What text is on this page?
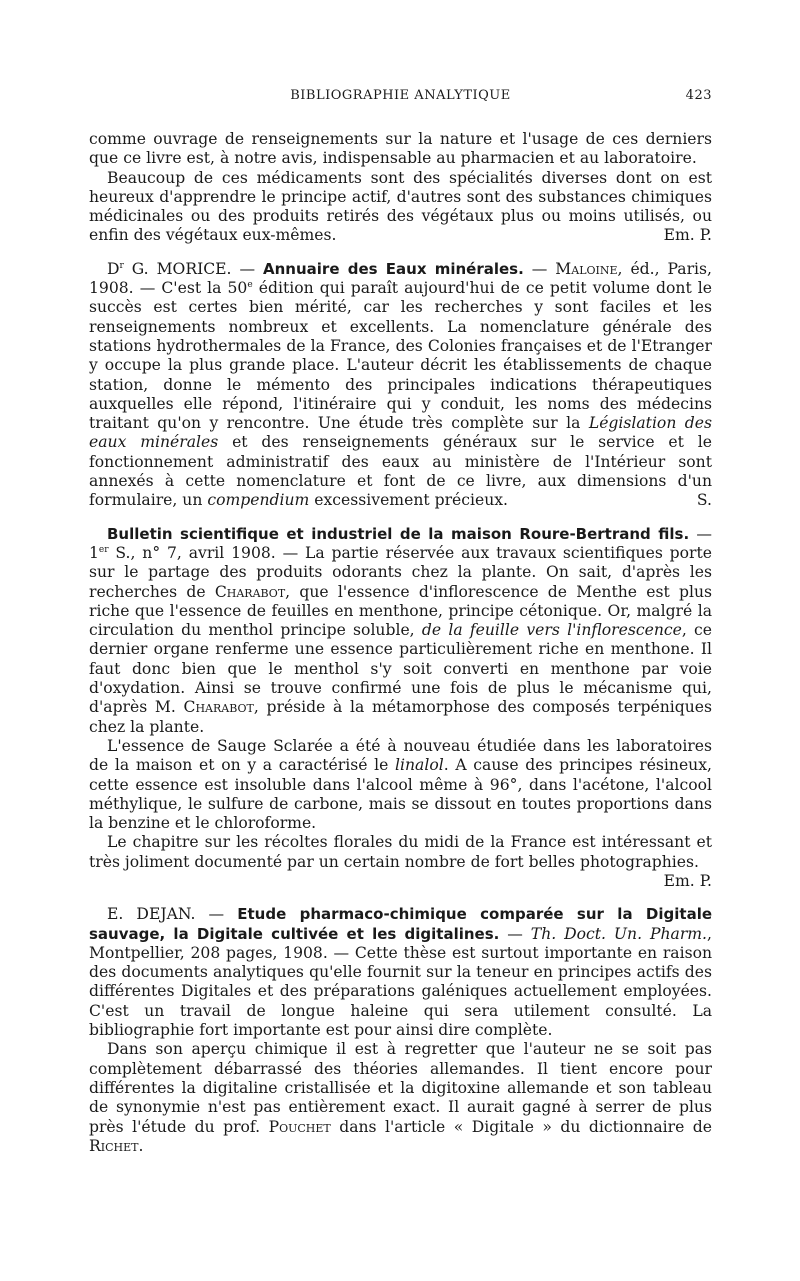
BIBLIOGRAPHIE ANALYTIQUE	423

comme ouvrage de renseignements sur la nature et l'usage de ces derniers que ce livre est, à notre avis, indispensable au pharmacien et au laboratoire.

Beaucoup de ces médicaments sont des spécialités diverses dont on est heureux d'apprendre le principe actif, d'autres sont des substances chimiques médicinales ou des produits retirés des végétaux plus ou moins utilisés, ou enfin des végétaux eux-mêmes.	Em. P.

$D^r$ G. MORICE. — Annuaire des Eaux minérales. — Maloine, éd., Paris, 1908. — C'est la 50e édition qui paraît aujourd'hui de ce petit volume dont le succès est certes bien mérité, car les recherches y sont faciles et les renseignements nombreux et excellents. La nomenclature générale des stations hydrothermales de la France, des Colonies françaises et de l'Etranger y occupe la plus grande place. L'auteur décrit les établissements de chaque station, donne le mémento des principales indications thérapeutiques auxquelles elle répond, l'itinéraire qui y conduit, les noms des médecins traitant qu'on y rencontre. Une étude très complète sur la Législation des eaux minérales et des renseignements généraux sur le service et le fonctionnement administratif des eaux au ministère de l'Intérieur sont annexés à cette nomenclature et font de ce livre, aux dimensions d'un formulaire, un compendium excessivement précieux.	S.

Bulletin scientifique et industriel de la maison Roure-Bertrand fils. — 1er S., n° 7, avril 1908. — La partie réservée aux travaux scientifiques porte sur le partage des produits odorants chez la plante. On sait, d'après les recherches de Charabot, que l'essence d'inflorescence de Menthe est plus riche que l'essence de feuilles en menthone, principe cétonique. Or, malgré la circulation du menthol principe soluble, de la feuille vers l'inflorescence, ce dernier organe renferme une essence particulièrement riche en menthone. Il faut donc bien que le menthol s'y soit converti en menthone par voie d'oxydation. Ainsi se trouve confirmé une fois de plus le mécanisme qui, d'après M. Charabot, préside à la métamorphose des composés terpéniques chez la plante.

L'essence de Sauge Sclarée a été à nouveau étudiée dans les laboratoires de la maison et on y a caractérisé le linalol. A cause des principes résineux, cette essence est insoluble dans l'alcool même à 96°, dans l'acétone, l'alcool méthylique, le sulfure de carbone, mais se dissout en toutes proportions dans la benzine et le chloroforme.

Le chapitre sur les récoltes florales du midi de la France est intéressant et très joliment documenté par un certain nombre de fort belles photographies.

Em. P.

E. DEJAN. — Etude pharmaco-chimique comparée sur la Digitale sauvage, la Digitale cultivée et les digitalines. — Th. Doct. Un. Pharm., Montpellier, 208 pages, 1908. — Cette thèse est surtout importante en raison des documents analytiques qu'elle fournit sur la teneur en principes actifs des différentes Digitales et des préparations galéniques actuellement employées. C'est un travail de longue haleine qui sera utilement consulté. La bibliographie fort importante est pour ainsi dire complète.

Dans son aperçu chimique il est à regretter que l'auteur ne se soit pas complètement débarrassé des théories allemandes. Il tient encore pour différentes la digitaline cristallisée et la digitoxine allemande et son tableau de synonymie n'est pas entièrement exact. Il aurait gagné à serrer de plus près l'étude du prof. Pouchet dans l'article « Digitale » du dictionnaire de Richet.
